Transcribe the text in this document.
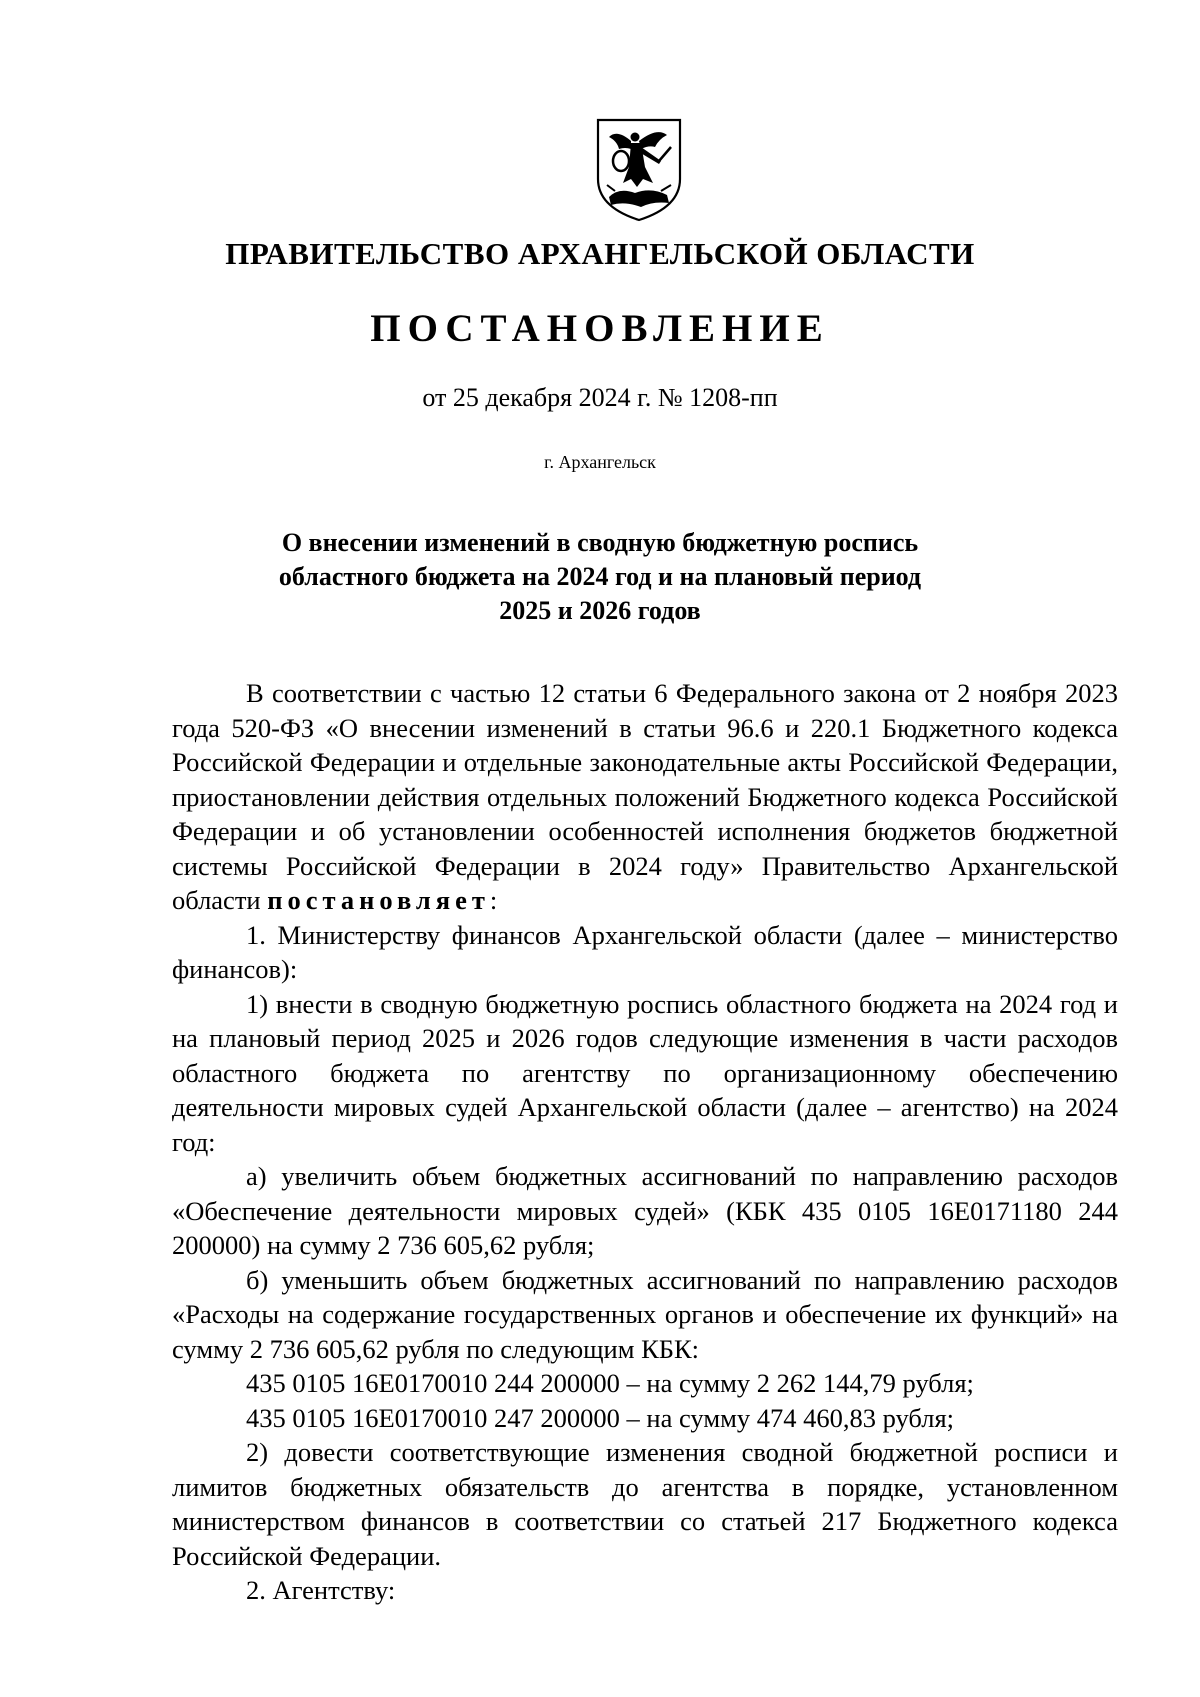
ПРАВИТЕЛЬСТВО АРХАНГЕЛЬСКОЙ ОБЛАСТИ
ПОСТАНОВЛЕНИЕ
от 25 декабря 2024 г. № 1208-пп
г. Архангельск
О внесении изменений в сводную бюджетную роспись
областного бюджета на 2024 год и на плановый период
2025 и 2026 годов

В соответствии с частью 12 статьи 6 Федерального закона от 2 ноября 2023 года 520-ФЗ «О внесении изменений в статьи 96.6 и 220.1 Бюджетного кодекса Российской Федерации и отдельные законодательные акты Российской Федерации, приостановлении действия отдельных положений Бюджетного кодекса Российской Федерации и об установлении особенностей исполнения бюджетов бюджетной системы Российской Федерации в 2024 году» Правительство Архангельской области постановляет:

1. Министерству финансов Архангельской области (далее – министерство финансов):

1) внести в сводную бюджетную роспись областного бюджета на 2024 год и на плановый период 2025 и 2026 годов следующие изменения в части расходов областного бюджета по агентству по организационному обеспечению деятельности мировых судей Архангельской области (далее – агентство) на 2024 год:

а) увеличить объем бюджетных ассигнований по направлению расходов «Обеспечение деятельности мировых судей» (КБК 435 0105 16Е0171180 244 200000) на сумму 2 736 605,62 рубля;

б) уменьшить объем бюджетных ассигнований по направлению расходов «Расходы на содержание государственных органов и обеспечение их функций» на сумму 2 736 605,62 рубля по следующим КБК:

435 0105 16Е0170010 244 200000 – на сумму 2 262 144,79 рубля;

435 0105 16Е0170010 247 200000 – на сумму 474 460,83 рубля;

2) довести соответствующие изменения сводной бюджетной росписи и лимитов бюджетных обязательств до агентства в порядке, установленном министерством финансов в соответствии со статьей 217 Бюджетного кодекса Российской Федерации.

2. Агентству:
